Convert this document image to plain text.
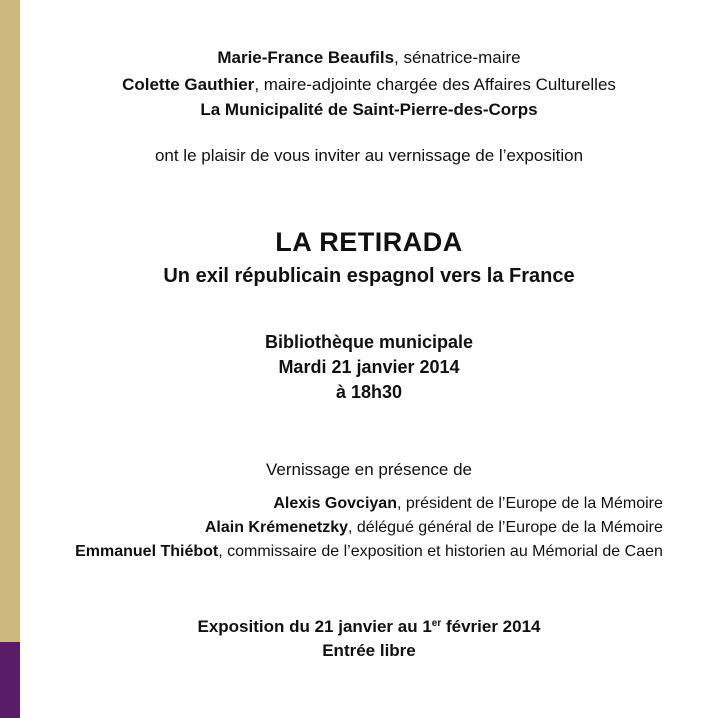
Marie-France Beaufils, sénatrice-maire
Colette Gauthier, maire-adjointe chargée des Affaires Culturelles
La Municipalité de Saint-Pierre-des-Corps
ont le plaisir de vous inviter au vernissage de l’exposition
LA RETIRADA
Un exil républicain espagnol vers la France
Bibliothèque municipale
Mardi 21 janvier 2014
à 18h30
Vernissage en présence de
Alexis Govciyan, président de l’Europe de la Mémoire
Alain Krémenetzky, délégué général de l’Europe de la Mémoire
Emmanuel Thiébot, commissaire de l’exposition et historien au Mémorial de Caen
Exposition du 21 janvier au 1er février 2014
Entrée libre
